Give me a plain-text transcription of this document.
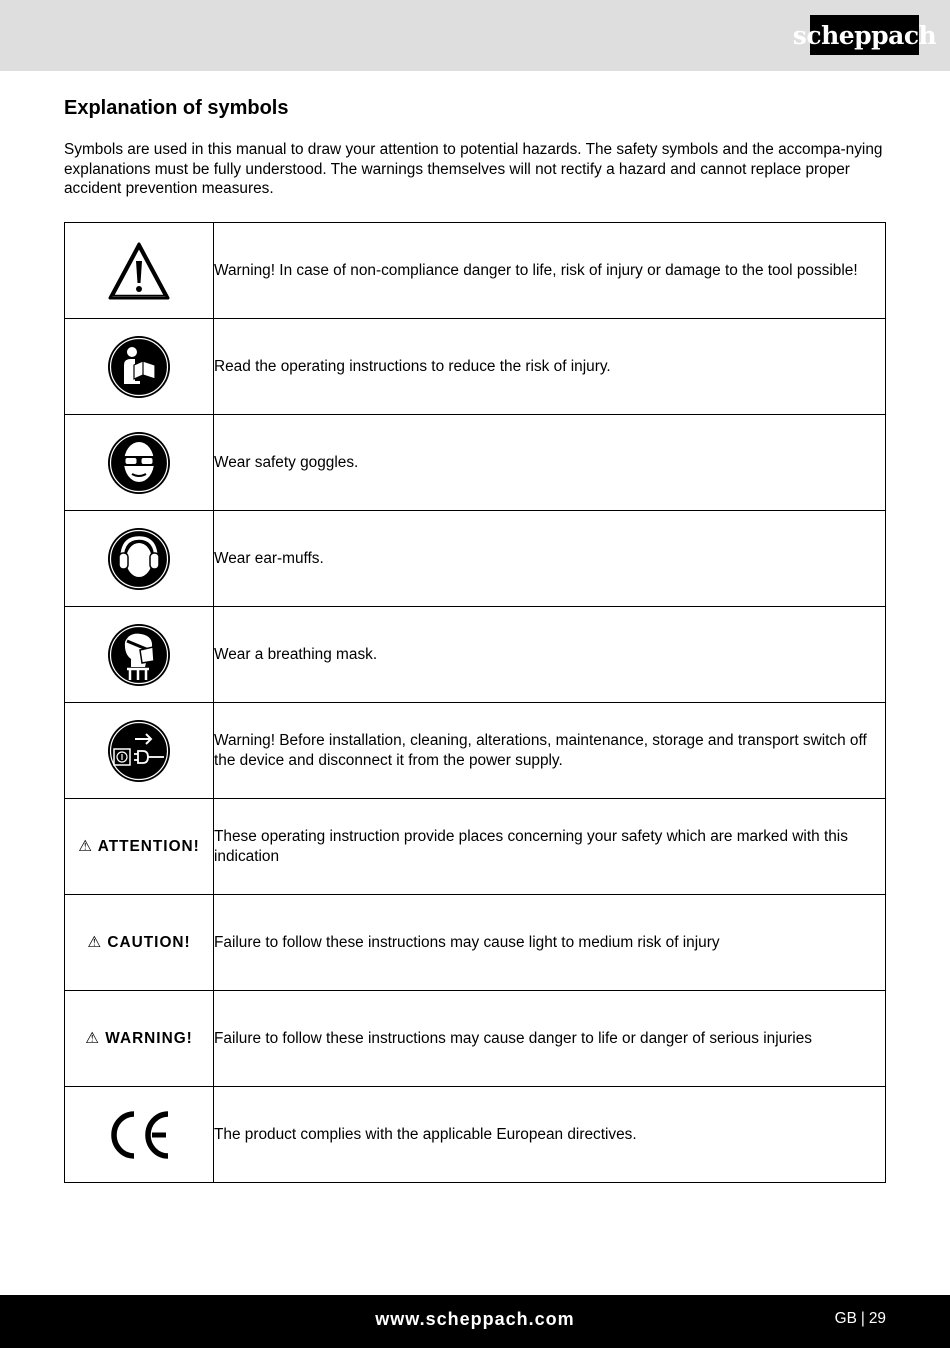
scheppach
Explanation of symbols

Symbols are used in this manual to draw your attention to potential hazards. The safety symbols and the accompa-nying explanations must be fully understood. The warnings themselves will not rectify a hazard and cannot replace proper accident prevention measures.

	Warning! In case of non-compliance danger to life, risk of injury or damage to the tool possible!

	Read the operating instructions to reduce the risk of injury.

	Wear safety goggles.

	Wear ear-muffs.

	Wear a breathing mask.

	Warning! Before installation, cleaning, alterations, maintenance, storage and transport switch off the device and disconnect it from the power supply.
⚠ ATTENTION!	These operating instruction provide places concerning your safety which are marked with this indication
⚠ CAUTION!	Failure to follow these instructions may cause light to medium risk of injury
⚠ WARNING!	Failure to follow these instructions may cause danger to life or danger of serious injuries

	The product complies with the applicable European directives.
www.scheppach.com	GB | 29
